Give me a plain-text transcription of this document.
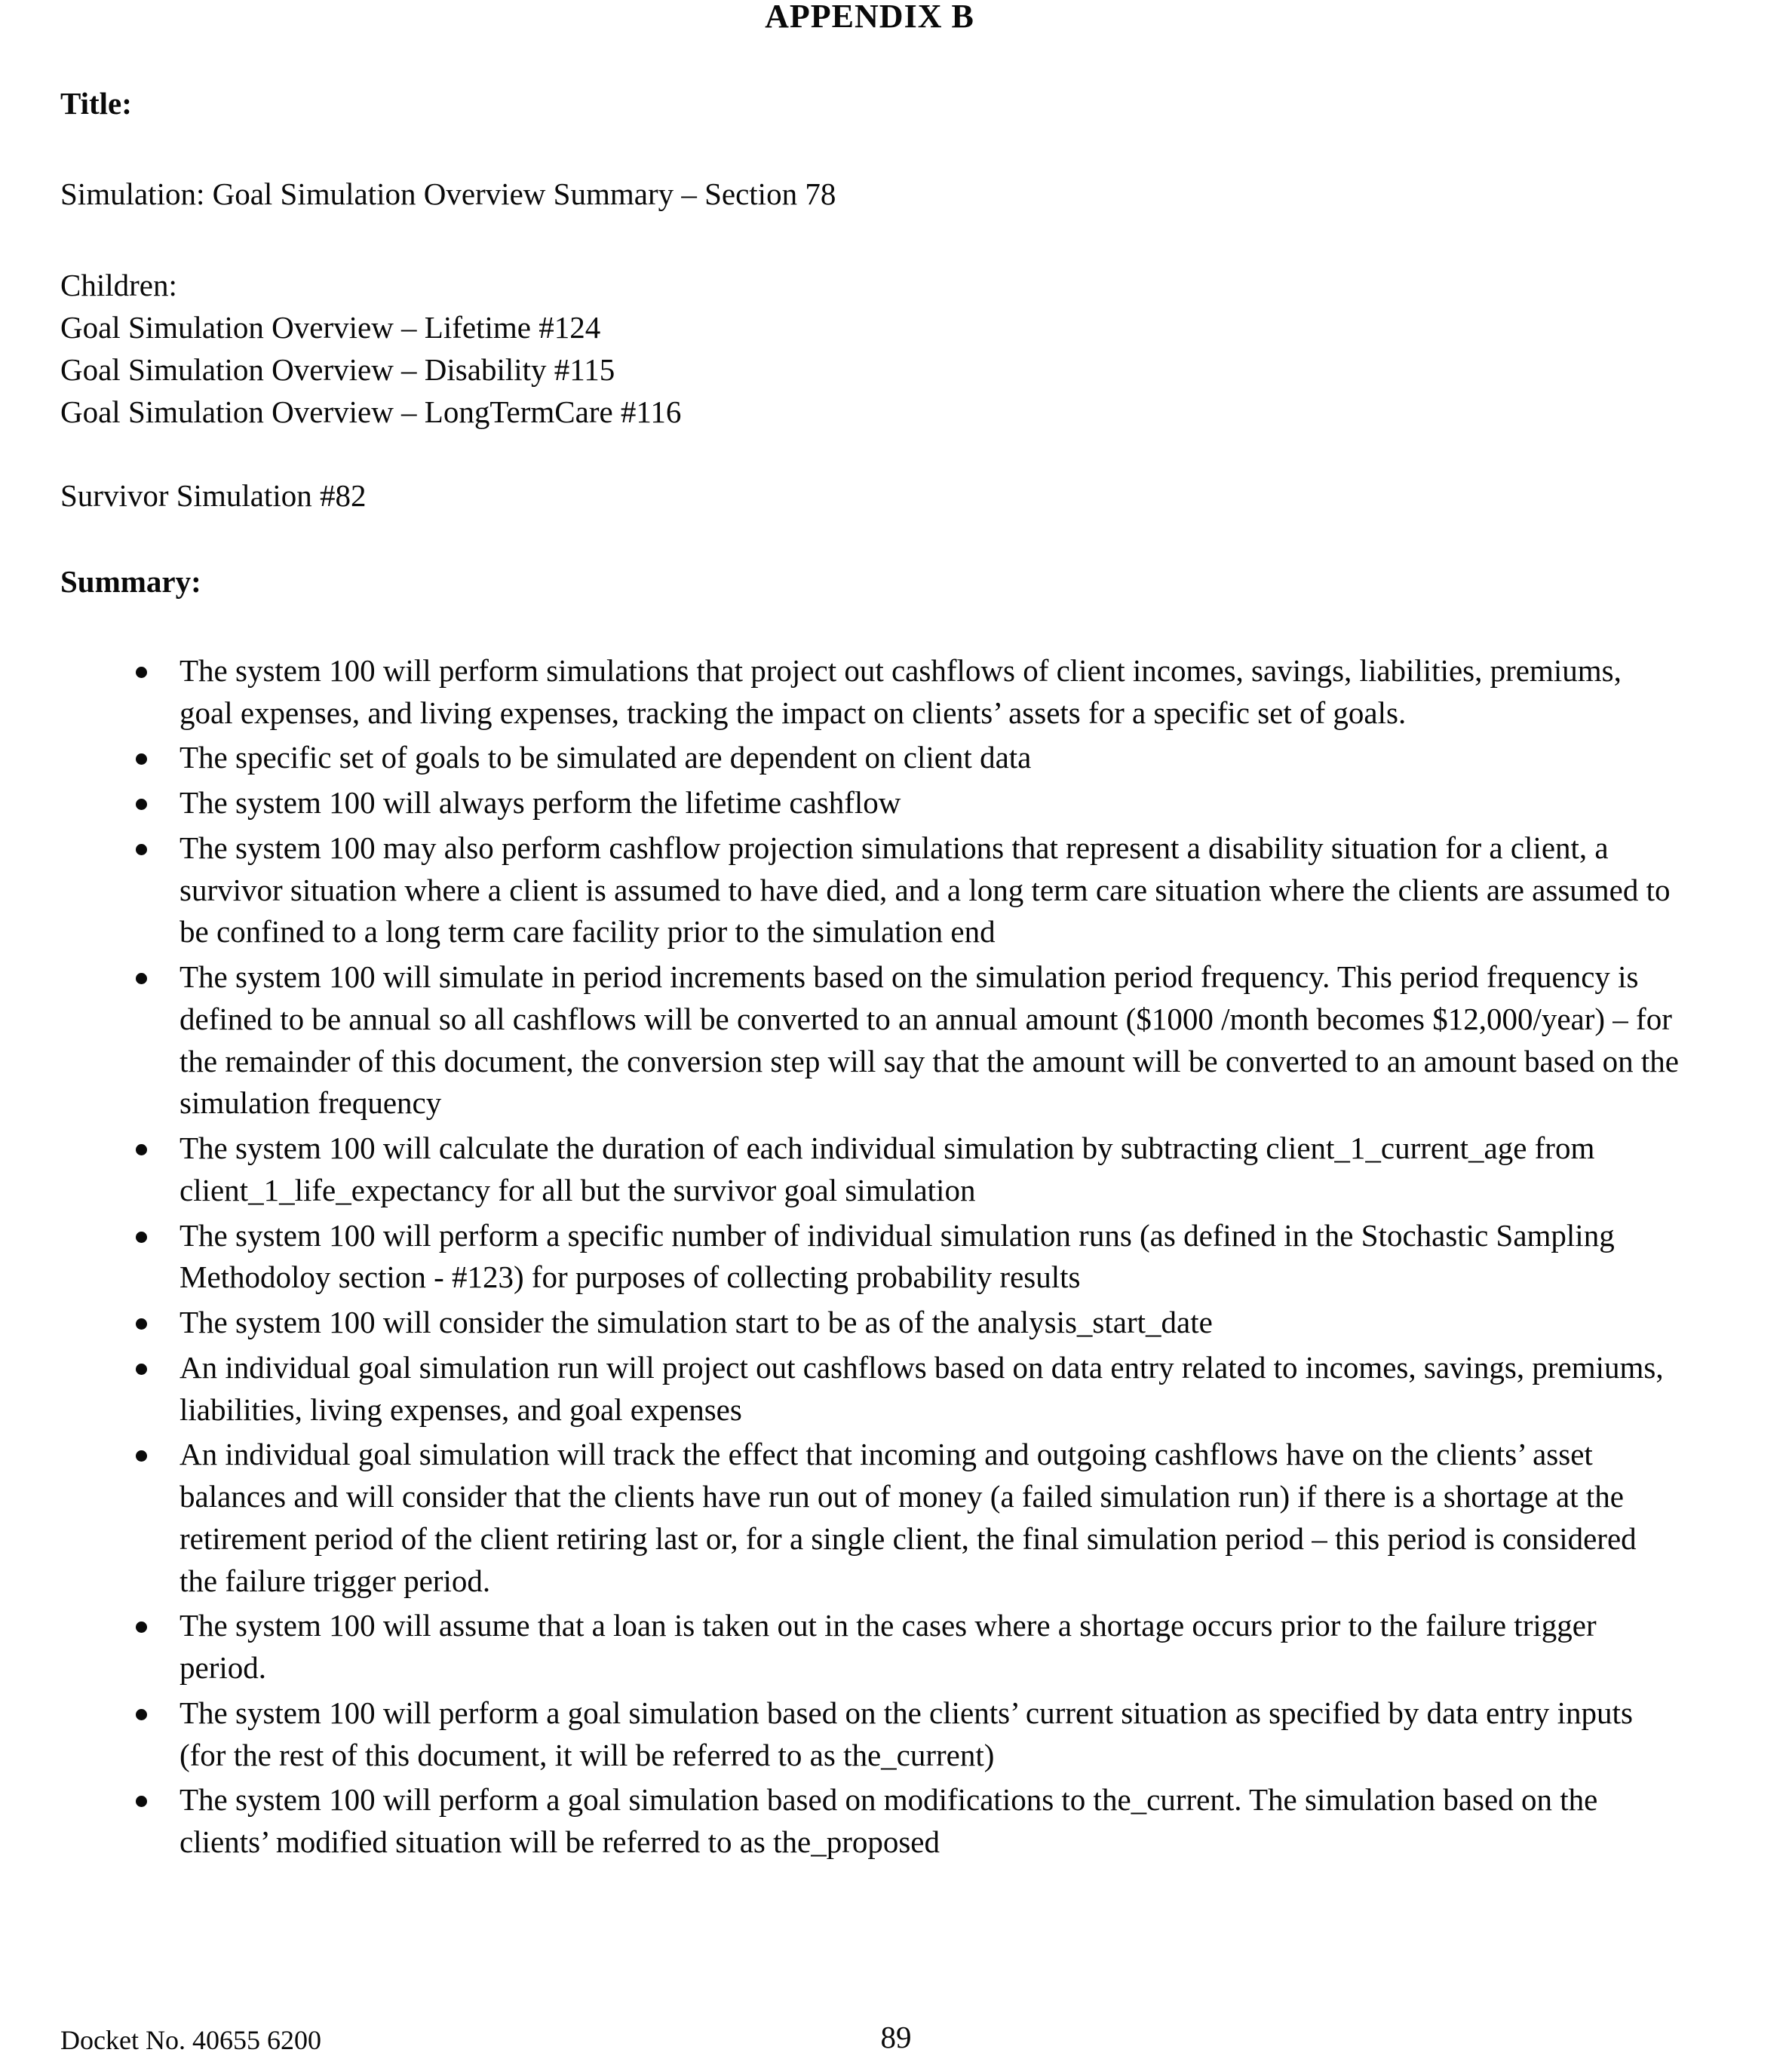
APPENDIX B
Title:
Simulation: Goal Simulation Overview Summary – Section 78
Children:
Goal Simulation Overview – Lifetime #124
Goal Simulation Overview – Disability #115
Goal Simulation Overview – LongTermCare #116
Survivor Simulation #82
Summary:
The system 100 will perform simulations that project out cashflows of client incomes, savings, liabilities, premiums, goal expenses, and living expenses, tracking the impact on clients’ assets for a specific set of goals.
The specific set of goals to be simulated are dependent on client data
The system 100 will always perform the lifetime cashflow
The system 100 may also perform cashflow projection simulations that represent a disability situation for a client, a survivor situation where a client is assumed to have died, and a long term care situation where the clients are assumed to be confined to a long term care facility prior to the simulation end
The system 100 will simulate in period increments based on the simulation period frequency. This period frequency is defined to be annual so all cashflows will be converted to an annual amount ($1000 /month becomes $12,000/year) – for the remainder of this document, the conversion step will say that the amount will be converted to an amount based on the simulation frequency
The system 100 will calculate the duration of each individual simulation by subtracting client_1_current_age from client_1_life_expectancy for all but the survivor goal simulation
The system 100 will perform a specific number of individual simulation runs (as defined in the Stochastic Sampling Methodoloy section - #123) for purposes of collecting probability results
The system 100 will consider the simulation start to be as of the analysis_start_date
An individual goal simulation run will project out cashflows based on data entry related to incomes, savings, premiums, liabilities, living expenses, and goal expenses
An individual goal simulation will track the effect that incoming and outgoing cashflows have on the clients’ asset balances and will consider that the clients have run out of money (a failed simulation run) if there is a shortage at the retirement period of the client retiring last or, for a single client, the final simulation period – this period is considered the failure trigger period.
The system 100 will assume that a loan is taken out in the cases where a shortage occurs prior to the failure trigger period.
The system 100 will perform a goal simulation based on the clients’ current situation as specified by data entry inputs (for the rest of this document, it will be referred to as the_current)
The system 100 will perform a goal simulation based on modifications to the_current. The simulation based on the clients’ modified situation will be referred to as the_proposed
Docket No. 40655 6200	89
